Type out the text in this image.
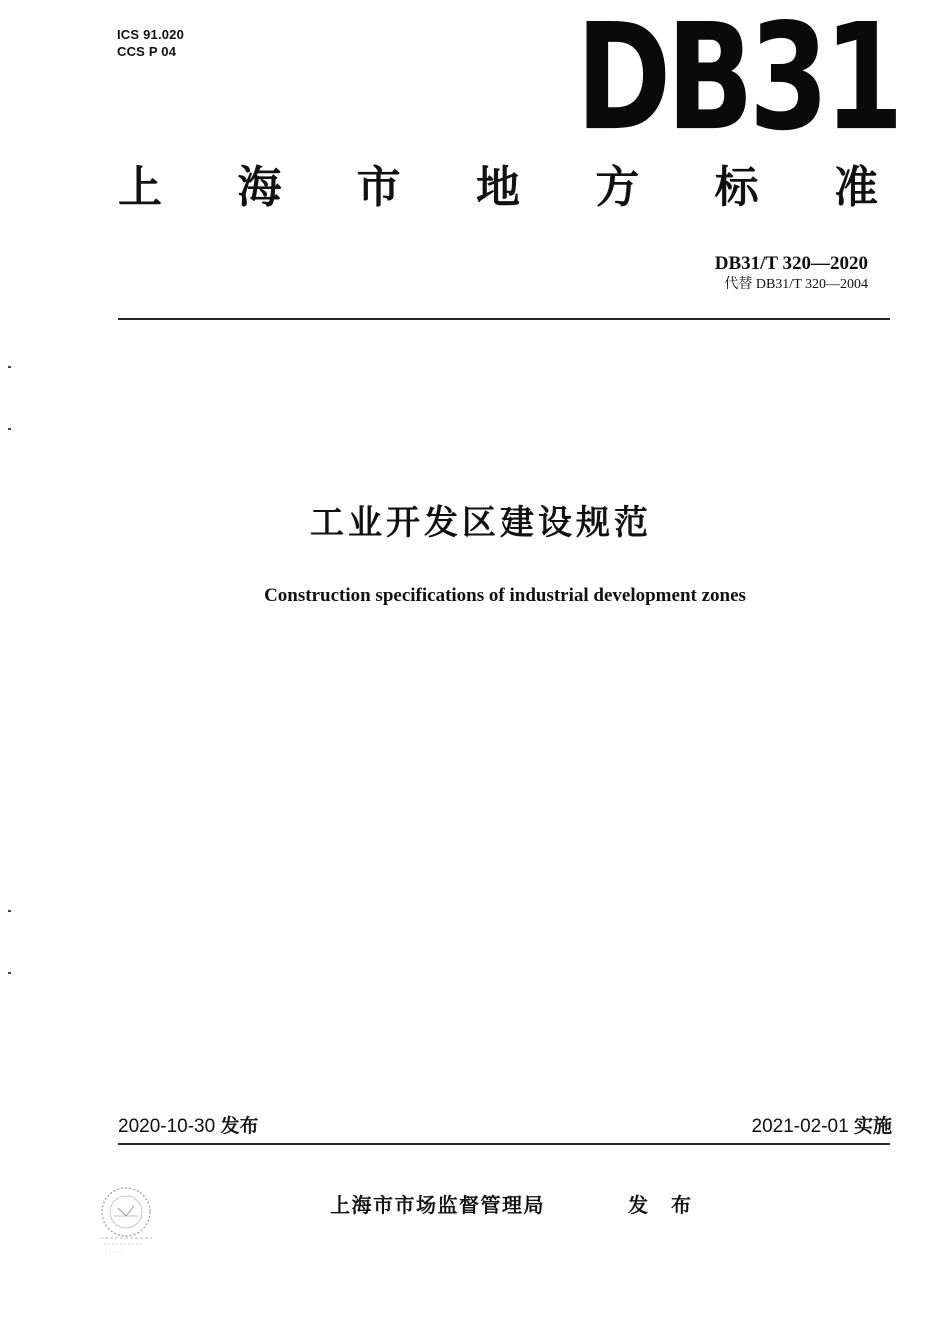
ICS 91.020
CCS P 04	DB31
上 海 市 地 方 标 准
DB31/T 320—2020
代替 DB31/T 320—2004
工业开发区建设规范
Construction specifications of industrial development zones
2020-10-30 发布	2021-02-01 实施
上海市市场监督管理局	发 布
